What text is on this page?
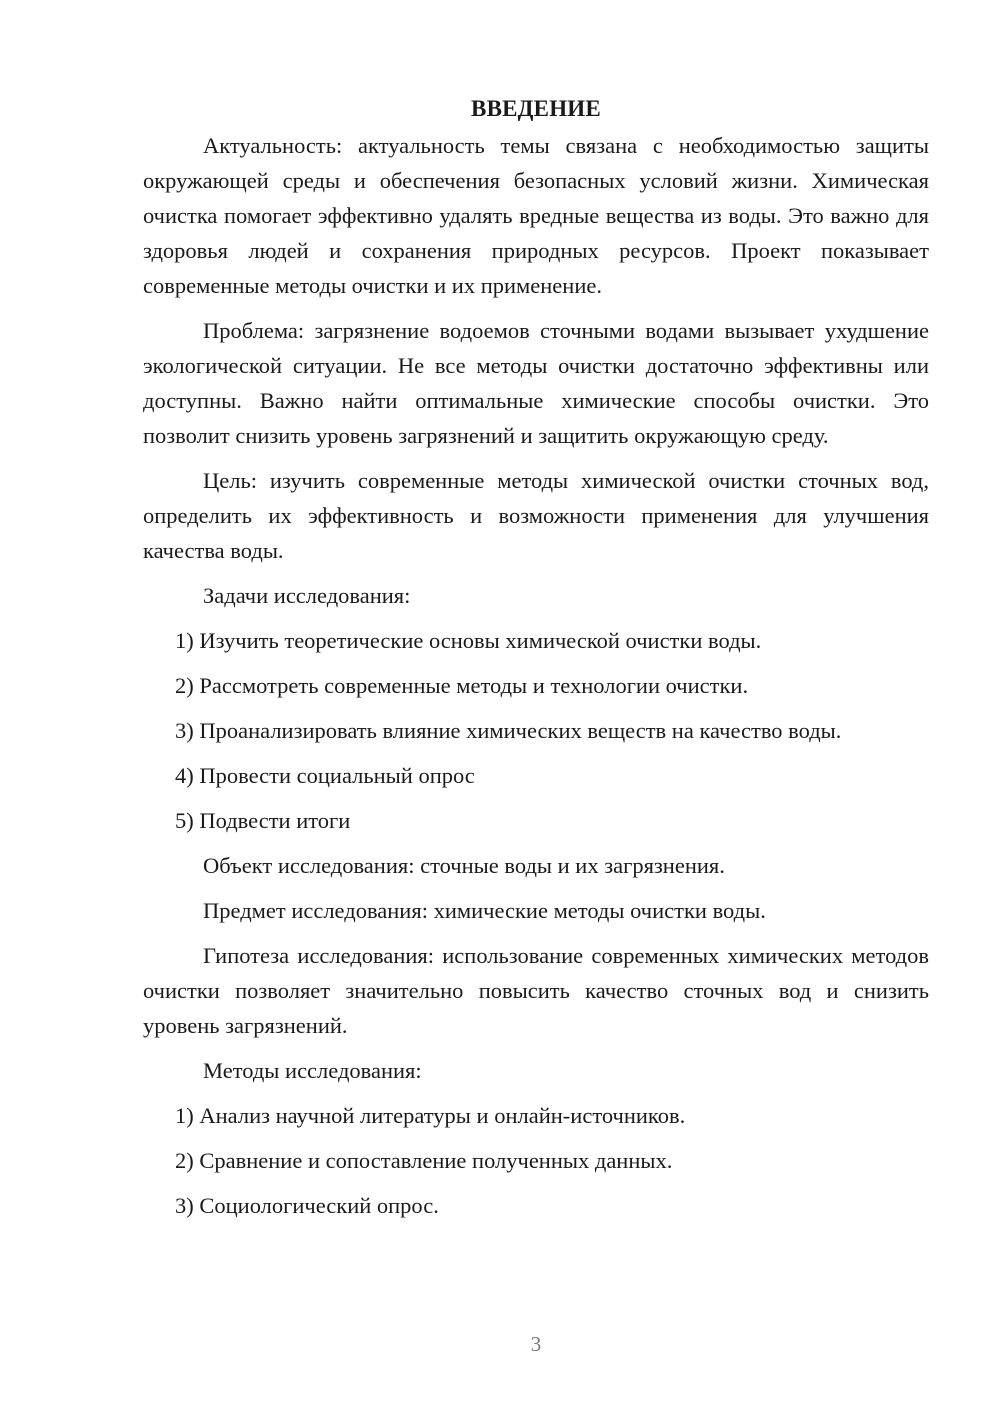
ВВЕДЕНИЕ

Актуальность: актуальность темы связана с необходимостью защиты окружающей среды и обеспечения безопасных условий жизни. Химическая очистка помогает эффективно удалять вредные вещества из воды. Это важно для здоровья людей и сохранения природных ресурсов. Проект показывает современные методы очистки и их применение.

Проблема: загрязнение водоемов сточными водами вызывает ухудшение экологической ситуации. Не все методы очистки достаточно эффективны или доступны. Важно найти оптимальные химические способы очистки. Это позволит снизить уровень загрязнений и защитить окружающую среду.

Цель: изучить современные методы химической очистки сточных вод, определить их эффективность и возможности применения для улучшения качества воды.

Задачи исследования:

1) Изучить теоретические основы химической очистки воды.

2) Рассмотреть современные методы и технологии очистки.

3) Проанализировать влияние химических веществ на качество воды.

4) Провести социальный опрос

5) Подвести итоги

Объект исследования: сточные воды и их загрязнения.

Предмет исследования: химические методы очистки воды.

Гипотеза исследования: использование современных химических методов очистки позволяет значительно повысить качество сточных вод и снизить уровень загрязнений.

Методы исследования:

1) Анализ научной литературы и онлайн-источников.

2) Сравнение и сопоставление полученных данных.

3) Социологический опрос.

3
